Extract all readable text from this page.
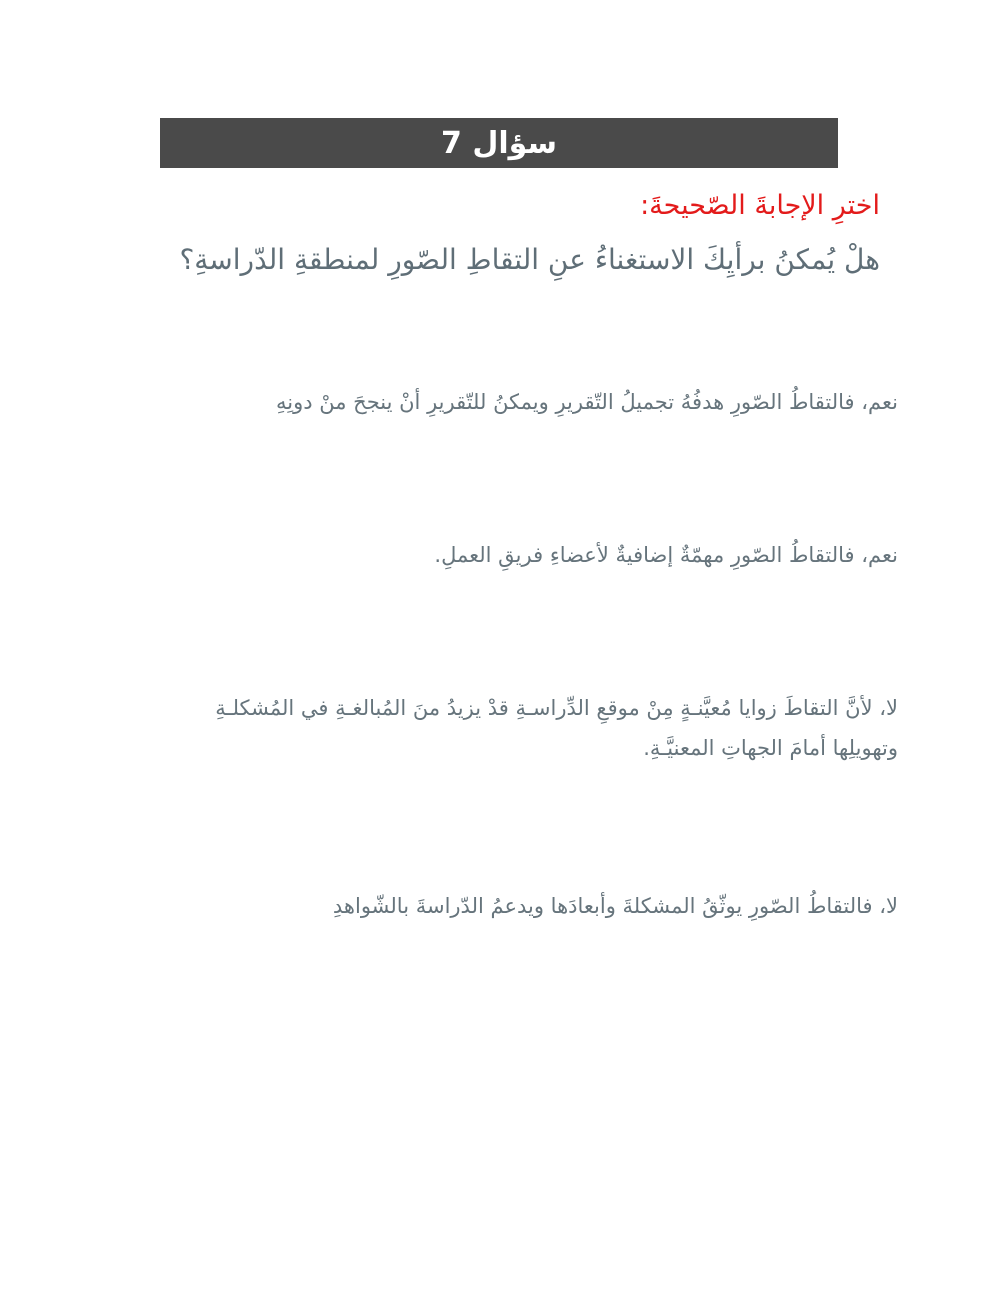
سؤال 7
اخترِ الإجابةَ الصّحيحةَ:
هلْ يُمكنُ برأيِكَ الاستغناءُ عنِ التقاطِ الصّورِ لمنطقةِ الدّراسةِ؟
نعم، فالتقاطُ الصّورِ هدفُهُ تجميلُ التّقريرِ ويمكنُ للتّقريرِ أنْ ينجحَ منْ دونِهِ
نعم، فالتقاطُ الصّورِ مهمّةٌ إضافيةٌ لأعضاءِ فريقِ العملِ.
لا، لأنَّ التقاطَ زوايا مُعيَّنـةٍ مِنْ موقعِ الدِّراسـةِ قدْ يزيدُ منَ المُبالغـةِ في المُشكلـةِ وتهويلِها أمامَ الجهاتِ المعنيَّـةِ.
لا، فالتقاطُ الصّورِ يوثّقُ المشكلةَ وأبعادَها ويدعمُ الدّراسةَ بالشّواهدِ
